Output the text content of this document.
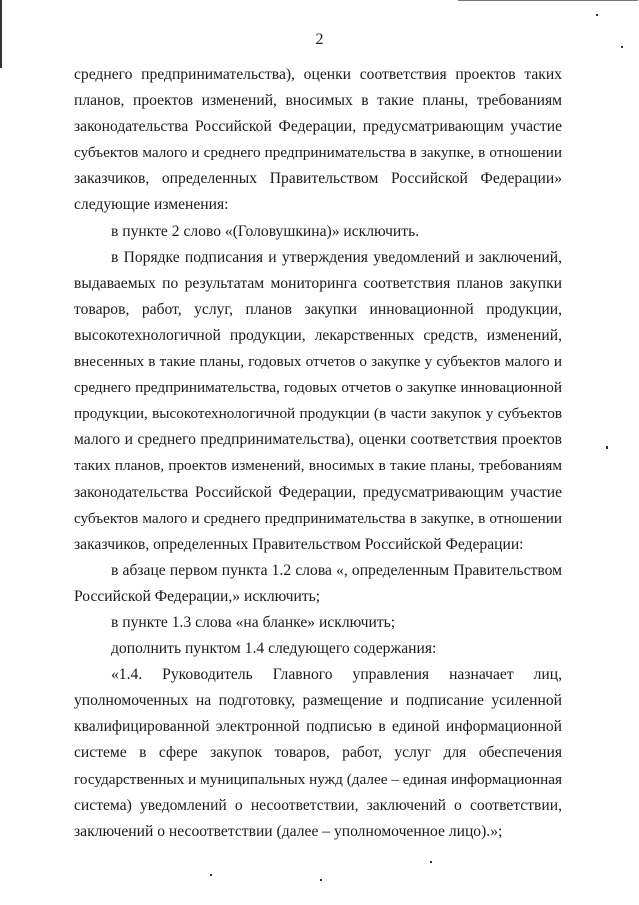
2
среднего предпринимательства), оценки соответствия проектов таких
планов, проектов изменений, вносимых в такие планы, требованиям
законодательства Российской Федерации, предусматривающим участие
субъектов малого и среднего предпринимательства в закупке, в отношении
заказчиков, определенных Правительством Российской Федерации»
следующие изменения:
в пункте 2 слово «(Головушкина)» исключить.
в Порядке подписания и утверждения уведомлений и заключений,
выдаваемых по результатам мониторинга соответствия планов закупки
товаров, работ, услуг, планов закупки инновационной продукции,
высокотехнологичной продукции, лекарственных средств, изменений,
внесенных в такие планы, годовых отчетов о закупке у субъектов малого и
среднего предпринимательства, годовых отчетов о закупке инновационной
продукции, высокотехнологичной продукции (в части закупок у субъектов
малого и среднего предпринимательства), оценки соответствия проектов
таких планов, проектов изменений, вносимых в такие планы, требованиям
законодательства Российской Федерации, предусматривающим участие
субъектов малого и среднего предпринимательства в закупке, в отношении
заказчиков, определенных Правительством Российской Федерации:
в абзаце первом пункта 1.2 слова «, определенным Правительством
Российской Федерации,» исключить;
в пункте 1.3 слова «на бланке» исключить;
дополнить пунктом 1.4 следующего содержания:
«1.4. Руководитель Главного управления назначает лиц,
уполномоченных на подготовку, размещение и подписание усиленной
квалифицированной электронной подписью в единой информационной
системе в сфере закупок товаров, работ, услуг для обеспечения
государственных и муниципальных нужд (далее – единая информационная
система) уведомлений о несоответствии, заключений о соответствии,
заключений о несоответствии (далее – уполномоченное лицо).»;
